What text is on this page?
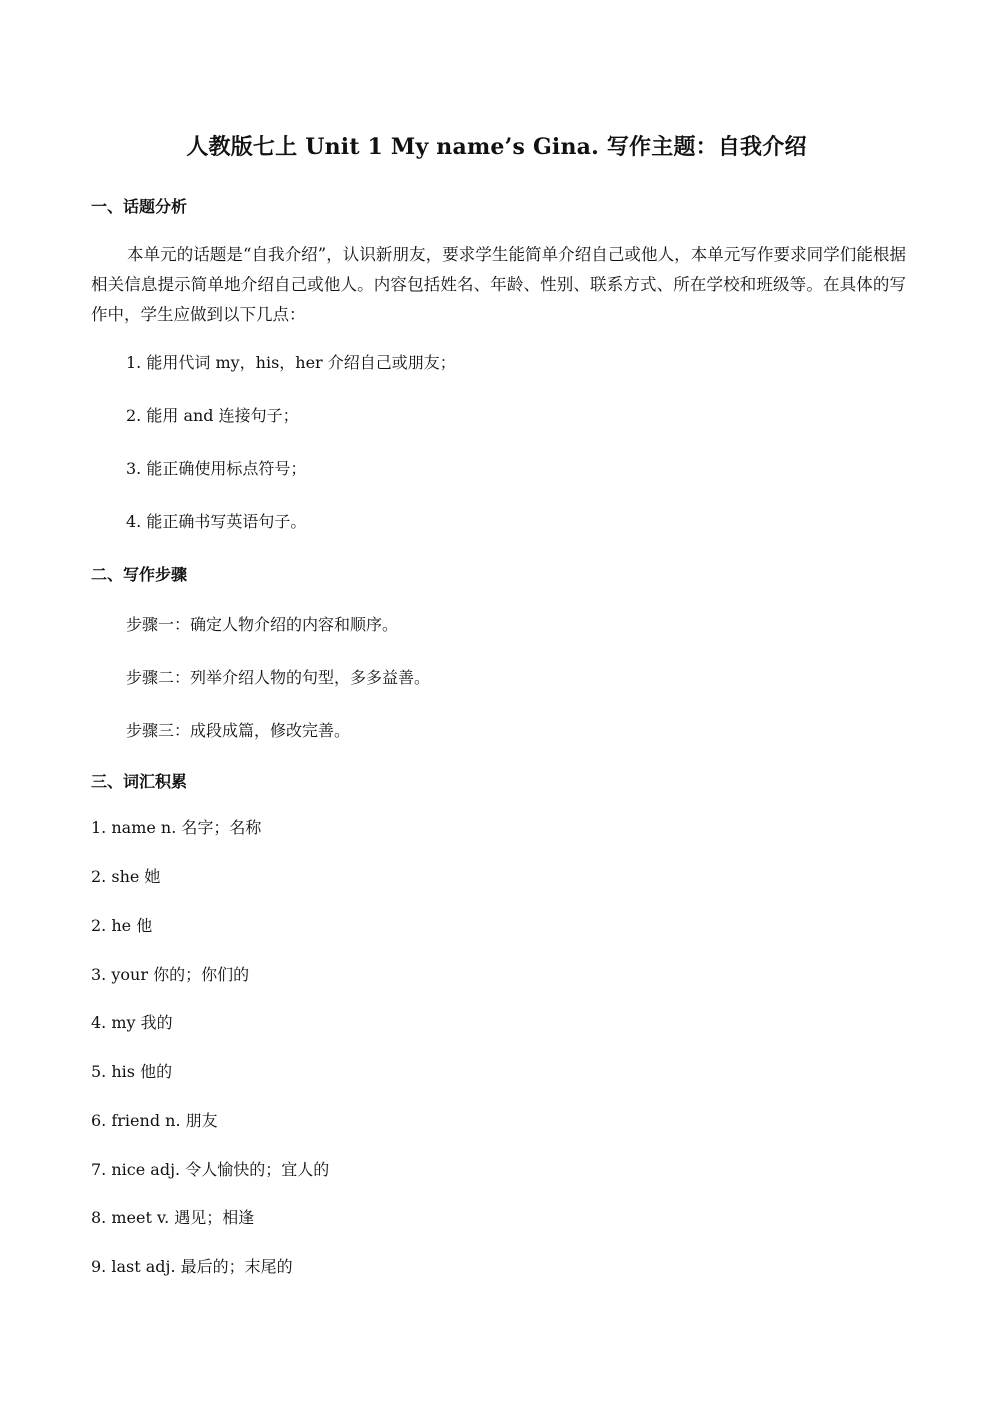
人教版七上 Unit 1 My name’s Gina. 写作主题：自我介绍
一、话题分析
本单元的话题是“自我介绍”，认识新朋友，要求学生能简单介绍自己或他人，本单元写作要求同学们能根据相关信息提示简单地介绍自己或他人。内容包括姓名、年龄、性别、联系方式、所在学校和班级等。在具体的写作中，学生应做到以下几点：
1. 能用代词 my，his，her 介绍自己或朋友；
2. 能用 and 连接句子；
3. 能正确使用标点符号；
4. 能正确书写英语句子。
二、写作步骤
步骤一：确定人物介绍的内容和顺序。
步骤二：列举介绍人物的句型，多多益善。
步骤三：成段成篇，修改完善。
三、词汇积累
1. name n. 名字；名称
2. she 她
2. he 他
3. your 你的；你们的
4. my 我的
5. his 他的
6. friend n. 朋友
7. nice adj. 令人愉快的；宜人的
8. meet v. 遇见；相逢
9. last adj. 最后的；末尾的
